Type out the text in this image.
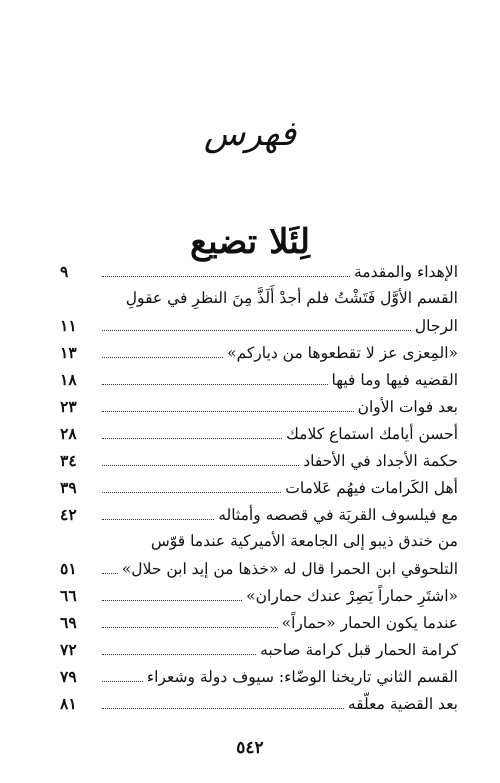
فهرس
لِئَلا تضيع
الإهداء والمقدمة
٩
القسم الأوَّل فَتَشْتُ فلم أجدْ أَلَذَّ مِنَ النظرِ في عقولِ
الرجال
١١
«المِعزى عز لا تقطعوها من دياركم»
١٣
القضيه فيها وما فيها
١٨
بعد فوات الأوان
٢٣
أحسن أيامك استماع كلامك
٢٨
حكمة الأجداد في الأحفاد
٣٤
أهل الكَرامات فيهُم عَلامات
٣٩
مع فيلسوف القريَة في قصصه وأمثاله
٤٢
من خندق ذيبو إلى الجامعة الأميركية عندما قوّس
التلحوقي ابن الحمرا قال له «خذها من إيد ابن حلال»
٥١
«اشتَرِ حماراً يَصِرْ عندك حماران»
٦٦
عندما يكون الحمار «حماراً»
٦٩
كرامة الحمار قبل كرامة صاحبه
٧٢
القسم الثاني تاريخنا الوضّاء: سيوف دولة وشعراء
٧٩
بعد القضية معلّقه
٨١
٥٤٢
